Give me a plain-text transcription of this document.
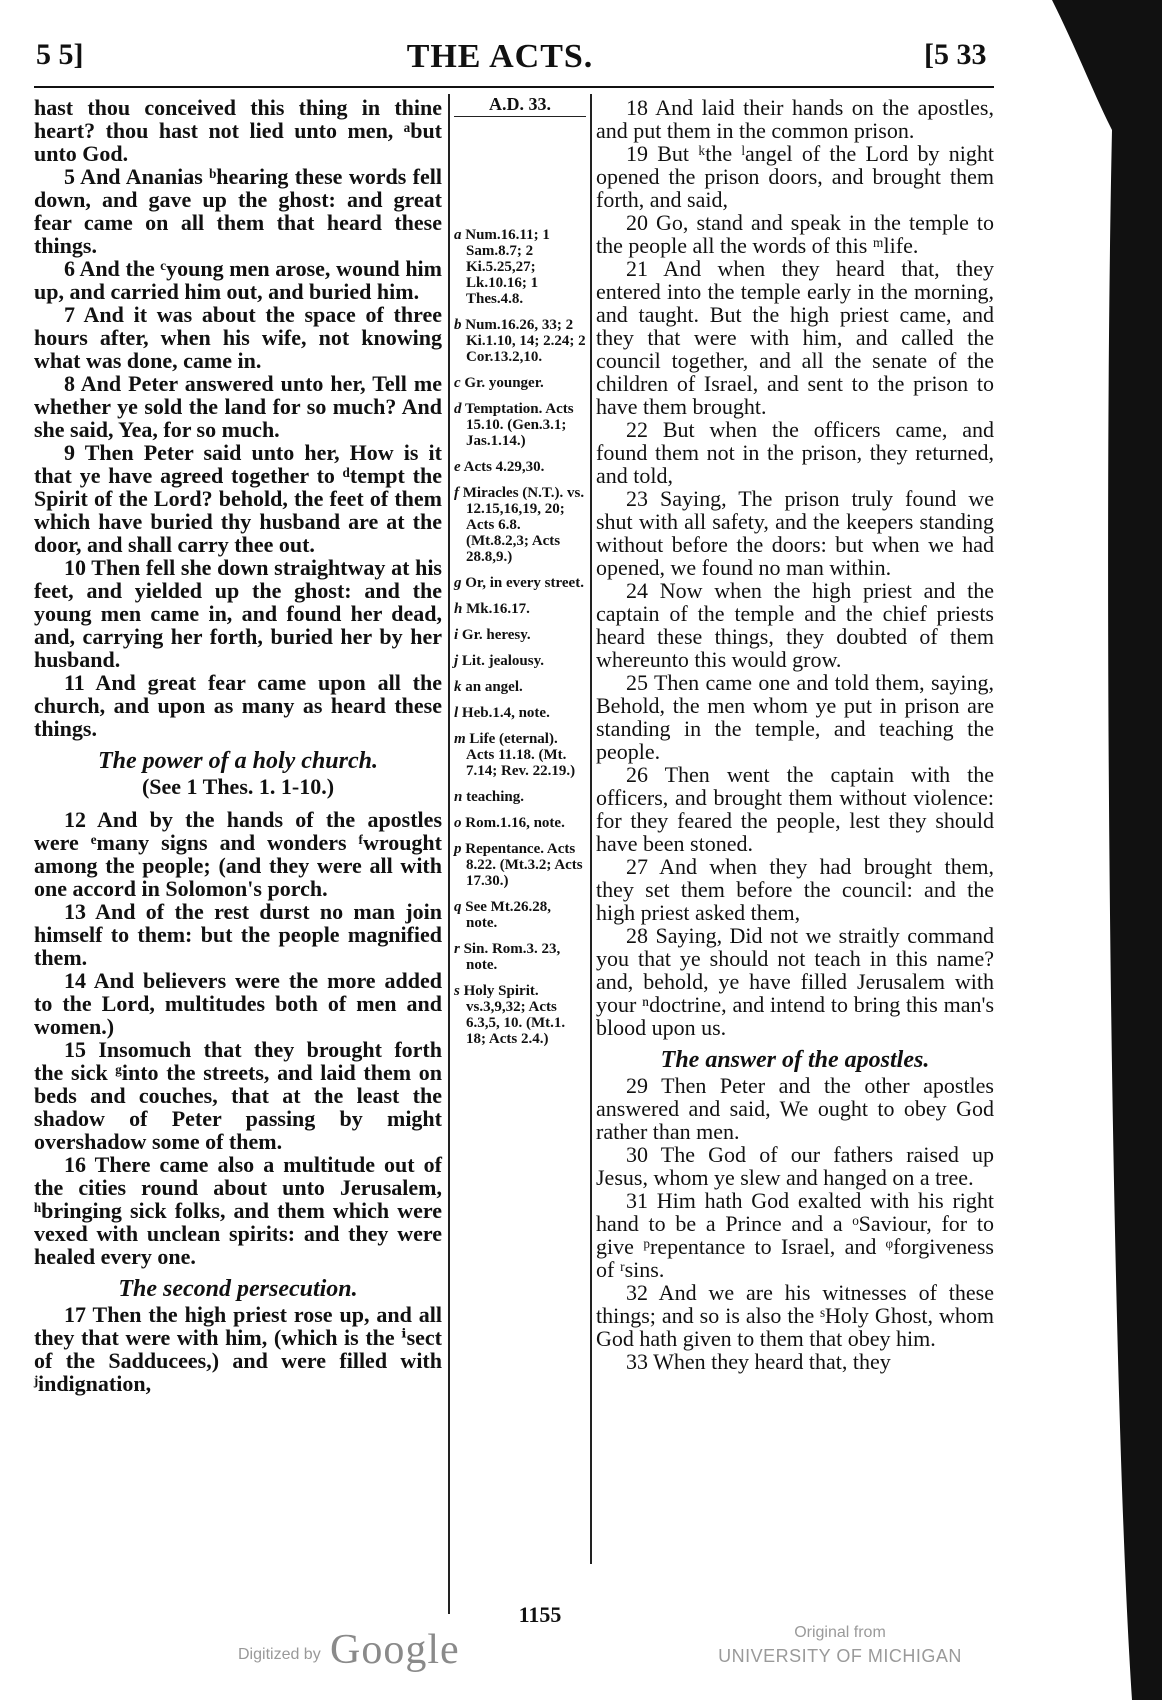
5 5]	THE ACTS.	[5 33

hast thou conceived this thing in thine heart? thou hast not lied unto men, ᵃbut unto God.

5 And Ananias ᵇhearing these words fell down, and gave up the ghost: and great fear came on all them that heard these things.

6 And the ᶜyoung men arose, wound him up, and carried him out, and buried him.

7 And it was about the space of three hours after, when his wife, not knowing what was done, came in.

8 And Peter answered unto her, Tell me whether ye sold the land for so much? And she said, Yea, for so much.

9 Then Peter said unto her, How is it that ye have agreed together to ᵈtempt the Spirit of the Lord? behold, the feet of them which have buried thy husband are at the door, and shall carry thee out.

10 Then fell she down straightway at his feet, and yielded up the ghost: and the young men came in, and found her dead, and, carrying her forth, buried her by her husband.

11 And great fear came upon all the church, and upon as many as heard these things.

The power of a holy church.

(See 1 Thes. 1. 1-10.)

12 And by the hands of the apostles were ᵉmany signs and wonders ᶠwrought among the people; (and they were all with one accord in Solomon's porch.

13 And of the rest durst no man join himself to them: but the people magnified them.

14 And believers were the more added to the Lord, multitudes both of men and women.)

15 Insomuch that they brought forth the sick ᵍinto the streets, and laid them on beds and couches, that at the least the shadow of Peter passing by might overshadow some of them.

16 There came also a multitude out of the cities round about unto Jerusalem, ʰbringing sick folks, and them which were vexed with unclean spirits: and they were healed every one.

The second persecution.

17 Then the high priest rose up, and all they that were with him, (which is the ⁱsect of the Sadducees,) and were filled with ʲindignation,

A.D. 33.
a Num.16.11; 1 Sam.8.7; 2 Ki.5.25,27; Lk.10.16; 1 Thes.4.8.
b Num.16.26, 33; 2 Ki.1.10, 14; 2.24; 2 Cor.13.2,10.
c Gr. younger.
d Temptation. Acts 15.10. (Gen.3.1; Jas.1.14.)
e Acts 4.29,30.
f Miracles (N.T.). vs. 12.15,16,19, 20; Acts 6.8. (Mt.8.2,3; Acts 28.8,9.)
g Or, in every street.
h Mk.16.17.
i Gr. heresy.
j Lit. jealousy.
k an angel.
l Heb.1.4, note.
m Life (eternal). Acts 11.18. (Mt. 7.14; Rev. 22.19.)
n teaching.
o Rom.1.16, note.
p Repentance. Acts 8.22. (Mt.3.2; Acts 17.30.)
q See Mt.26.28, note.
r Sin. Rom.3. 23, note.
s Holy Spirit. vs.3,9,32; Acts 6.3,5, 10. (Mt.1. 18; Acts 2.4.)

18 And laid their hands on the apostles, and put them in the common prison.

19 But ᵏthe ˡangel of the Lord by night opened the prison doors, and brought them forth, and said,

20 Go, stand and speak in the temple to the people all the words of this ᵐlife.

21 And when they heard that, they entered into the temple early in the morning, and taught. But the high priest came, and they that were with him, and called the council together, and all the senate of the children of Israel, and sent to the prison to have them brought.

22 But when the officers came, and found them not in the prison, they returned, and told,

23 Saying, The prison truly found we shut with all safety, and the keepers standing without before the doors: but when we had opened, we found no man within.

24 Now when the high priest and the captain of the temple and the chief priests heard these things, they doubted of them whereunto this would grow.

25 Then came one and told them, saying, Behold, the men whom ye put in prison are standing in the temple, and teaching the people.

26 Then went the captain with the officers, and brought them without violence: for they feared the people, lest they should have been stoned.

27 And when they had brought them, they set them before the council: and the high priest asked them,

28 Saying, Did not we straitly command you that ye should not teach in this name? and, behold, ye have filled Jerusalem with your ⁿdoctrine, and intend to bring this man's blood upon us.

The answer of the apostles.

29 Then Peter and the other apostles answered and said, We ought to obey God rather than men.

30 The God of our fathers raised up Jesus, whom ye slew and hanged on a tree.

31 Him hath God exalted with his right hand to be a Prince and a ᵒSaviour, for to give ᵖrepentance to Israel, and ᵠforgiveness of ʳsins.

32 And we are his witnesses of these things; and so is also the ˢHoly Ghost, whom God hath given to them that obey him.

33 When they heard that, they

1155
Digitized by Google	Original from
UNIVERSITY OF MICHIGAN
